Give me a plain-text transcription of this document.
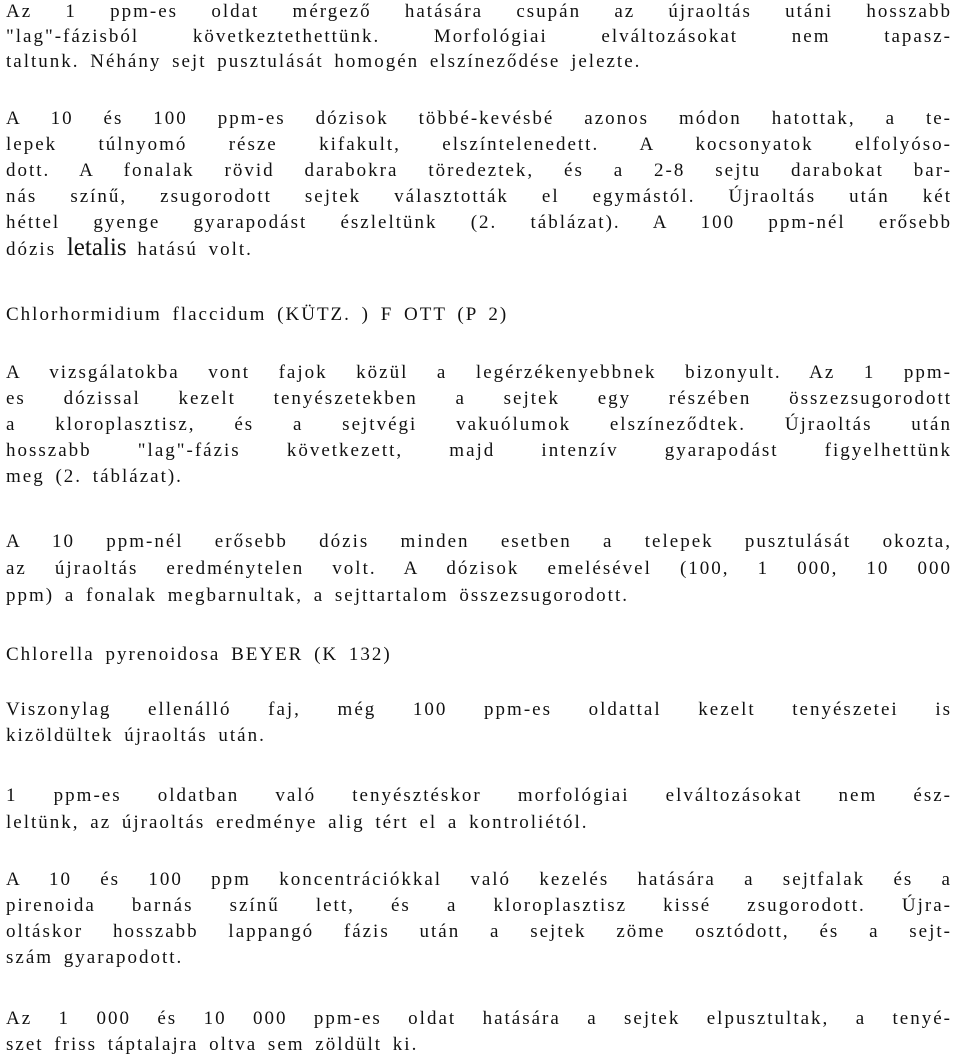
Az 1 ppm-es oldat mérgező hatására csupán az újraoltás utáni hosszabb
"lag"-fázisból következtethettünk. Morfológiai elváltozásokat nem tapasz-
taltunk. Néhány sejt pusztulását homogén elszíneződése jelezte.
A 10 és 100 ppm-es dózisok többé-kevésbé azonos módon hatottak, a te-
lepek túlnyomó része kifakult, elszíntelenedett. A kocsonyatok elfolyóso-
dott. A fonalak rövid darabokra töredeztek, és a 2-8 sejtu darabokat bar-
nás színű, zsugorodott sejtek választották el egymástól. Újraoltás után két
héttel gyenge gyarapodást észleltünk (2. táblázat). A 100 ppm-nél erősebb
dózis letalis hatású volt.
Chlorhormidium flaccidum (KÜTZ. ) F OTT (P 2)
A vizsgálatokba vont fajok közül a legérzékenyebbnek bizonyult. Az 1 ppm-
es dózissal kezelt tenyészetekben a sejtek egy részében összezsugorodott
a kloroplasztisz, és a sejtvégi vakuólumok elszíneződtek. Újraoltás után
hosszabb "lag"-fázis következett, majd intenzív gyarapodást figyelhettünk
meg (2. táblázat).
A 10 ppm-nél erősebb dózis minden esetben a telepek pusztulását okozta,
az újraoltás eredménytelen volt. A dózisok emelésével (100, 1 000, 10 000
ppm) a fonalak megbarnultak, a sejttartalom összezsugorodott.
Chlorella pyrenoidosa BEYER (K 132)
Viszonylag ellenálló faj, még 100 ppm-es oldattal kezelt tenyészetei is
kizöldültek újraoltás után.
1 ppm-es oldatban való tenyésztéskor morfológiai elváltozásokat nem ész-
leltünk, az újraoltás eredménye alig tért el a kontroliétól.
A 10 és 100 ppm koncentrációkkal való kezelés hatására a sejtfalak és a
pirenoida barnás színű lett, és a kloroplasztisz kissé zsugorodott. Újra-
oltáskor hosszabb lappangó fázis után a sejtek zöme osztódott, és a sejt-
szám gyarapodott.
Az 1 000 és 10 000 ppm-es oldat hatására a sejtek elpusztultak, a tenyé-
szet friss táptalajra oltva sem zöldült ki.
